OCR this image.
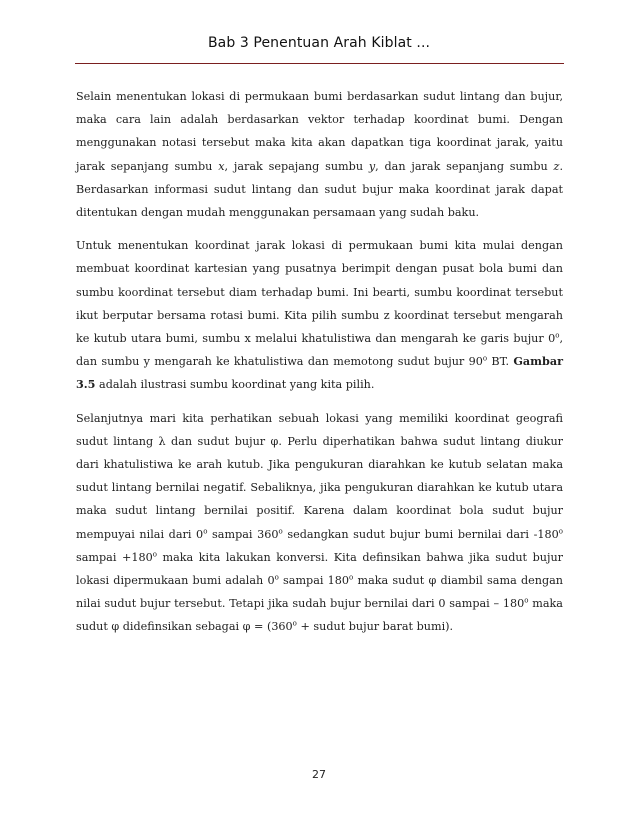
Bab 3 Penentuan Arah Kiblat ...

Selain menentukan lokasi di permukaan bumi berdasarkan sudut lintang dan bujur, maka cara lain adalah berdasarkan vektor terhadap koordinat bumi. Dengan menggunakan notasi tersebut maka kita akan dapatkan tiga koordinat jarak, yaitu jarak sepanjang sumbu x, jarak sepajang sumbu y, dan jarak sepanjang sumbu z. Berdasarkan informasi sudut lintang dan sudut bujur maka koordinat jarak dapat ditentukan dengan mudah menggunakan persamaan yang sudah baku.

Untuk menentukan koordinat jarak lokasi di permukaan bumi kita mulai dengan membuat koordinat kartesian yang pusatnya berimpit dengan pusat bola bumi dan sumbu koordinat tersebut diam terhadap bumi. Ini bearti, sumbu koordinat tersebut ikut berputar bersama rotasi bumi. Kita pilih sumbu z koordinat tersebut mengarah ke kutub utara bumi, sumbu x melalui khatulistiwa dan mengarah ke garis bujur 0$^o$, dan sumbu y mengarah ke khatulistiwa dan memotong sudut bujur 90$^o$ BT. Gambar 3.5 adalah ilustrasi sumbu koordinat yang kita pilih.

Selanjutnya mari kita perhatikan sebuah lokasi yang memiliki koordinat geografi sudut lintang λ dan sudut bujur φ. Perlu diperhatikan bahwa sudut lintang diukur dari khatulistiwa ke arah kutub. Jika pengukuran diarahkan ke kutub selatan maka sudut lintang bernilai negatif. Sebaliknya, jika pengukuran diarahkan ke kutub utara maka sudut lintang bernilai positif. Karena dalam koordinat bola sudut bujur mempuyai nilai dari 0$^o$ sampai 360$^o$ sedangkan sudut bujur bumi bernilai dari -180$^o$ sampai $+180^o$ maka kita lakukan konversi. Kita definsikan bahwa jika sudut bujur lokasi dipermukaan bumi adalah 0$^o$ sampai 180$^o$ maka sudut φ diambil sama dengan nilai sudut bujur tersebut. Tetapi jika sudah bujur bernilai dari 0 sampai – 180$^o$ maka sudut φ didefinsikan sebagai $\varphi = (360^o$ + sudut bujur barat bumi).

27
